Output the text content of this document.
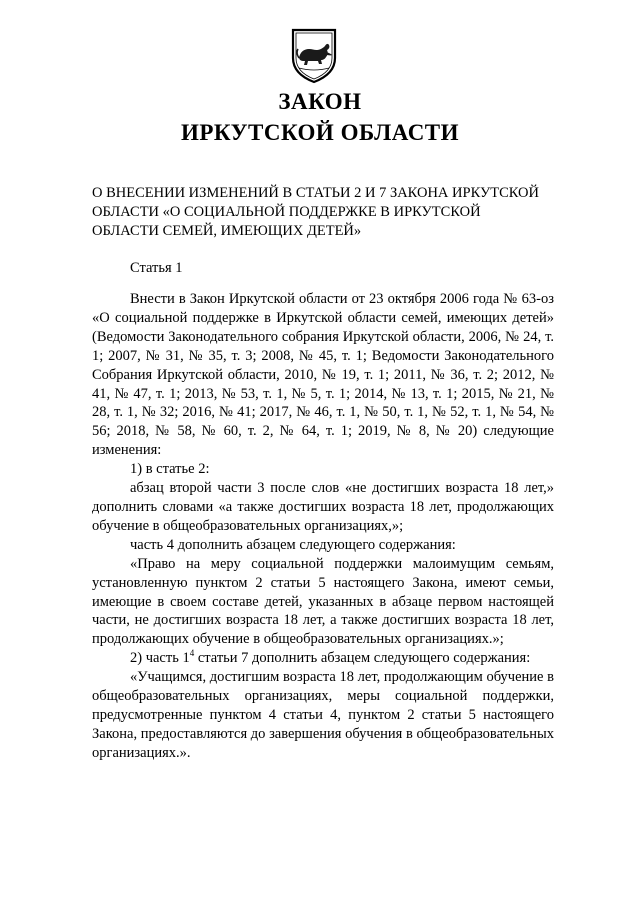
ЗАКОН
ИРКУТСКОЙ ОБЛАСТИ
О ВНЕСЕНИИ ИЗМЕНЕНИЙ В СТАТЬИ 2 И 7 ЗАКОНА ИРКУТСКОЙ ОБЛАСТИ «О СОЦИАЛЬНОЙ ПОДДЕРЖКЕ В ИРКУТСКОЙ ОБЛАСТИ СЕМЕЙ, ИМЕЮЩИХ ДЕТЕЙ»
Статья 1

Внести в Закон Иркутской области от 23 октября 2006 года № 63-оз «О социальной поддержке в Иркутской области семей, имеющих детей» (Ведомости Законодательного собрания Иркутской области, 2006, № 24, т. 1; 2007, № 31, № 35, т. 3; 2008, № 45, т. 1; Ведомости Законодательного Собрания Иркутской области, 2010, № 19, т. 1; 2011, № 36, т. 2; 2012, № 41, № 47, т. 1; 2013, № 53, т. 1, № 5, т. 1; 2014, № 13, т. 1; 2015, № 21, № 28, т. 1, № 32; 2016, № 41; 2017, № 46, т. 1, № 50, т. 1, № 52, т. 1, № 54, № 56; 2018, № 58, № 60, т. 2, № 64, т. 1; 2019, № 8, № 20) следующие изменения:

1) в статье 2:

абзац второй части 3 после слов «не достигших возраста 18 лет,» дополнить словами «а также достигших возраста 18 лет, продолжающих обучение в общеобразовательных организациях,»;

часть 4 дополнить абзацем следующего содержания:

«Право на меру социальной поддержки малоимущим семьям, установленную пунктом 2 статьи 5 настоящего Закона, имеют семьи, имеющие в своем составе детей, указанных в абзаце первом настоящей части, не достигших возраста 18 лет, а также достигших возраста 18 лет, продолжающих обучение в общеобразовательных организациях.»;

2) часть $1^4$ статьи 7 дополнить абзацем следующего содержания:

«Учащимся, достигшим возраста 18 лет, продолжающим обучение в общеобразовательных организациях, меры социальной поддержки, предусмотренные пунктом 4 статьи 4, пунктом 2 статьи 5 настоящего Закона, предоставляются до завершения обучения в общеобразовательных организациях.».
